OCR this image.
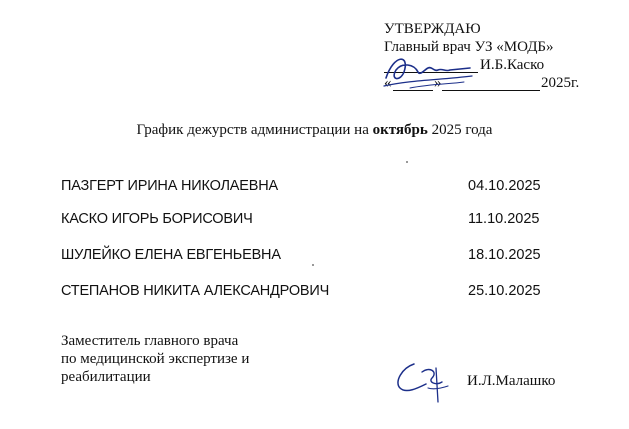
УТВЕРЖДАЮ
Главный врач УЗ «МОДБ»
И.Б.Каско
«	»	2025г.
График дежурств администрации на октябрь 2025 года
ПАЗГЕРТ ИРИНА НИКОЛАЕВНА	04.10.2025
КАСКО ИГОРЬ БОРИСОВИЧ	11.10.2025
ШУЛЕЙКО ЕЛЕНА ЕВГЕНЬЕВНА	18.10.2025
СТЕПАНОВ НИКИТА АЛЕКСАНДРОВИЧ	25.10.2025
Заместитель главного врача
по медицинской экспертизе и
реабилитации	И.Л.Малашко
